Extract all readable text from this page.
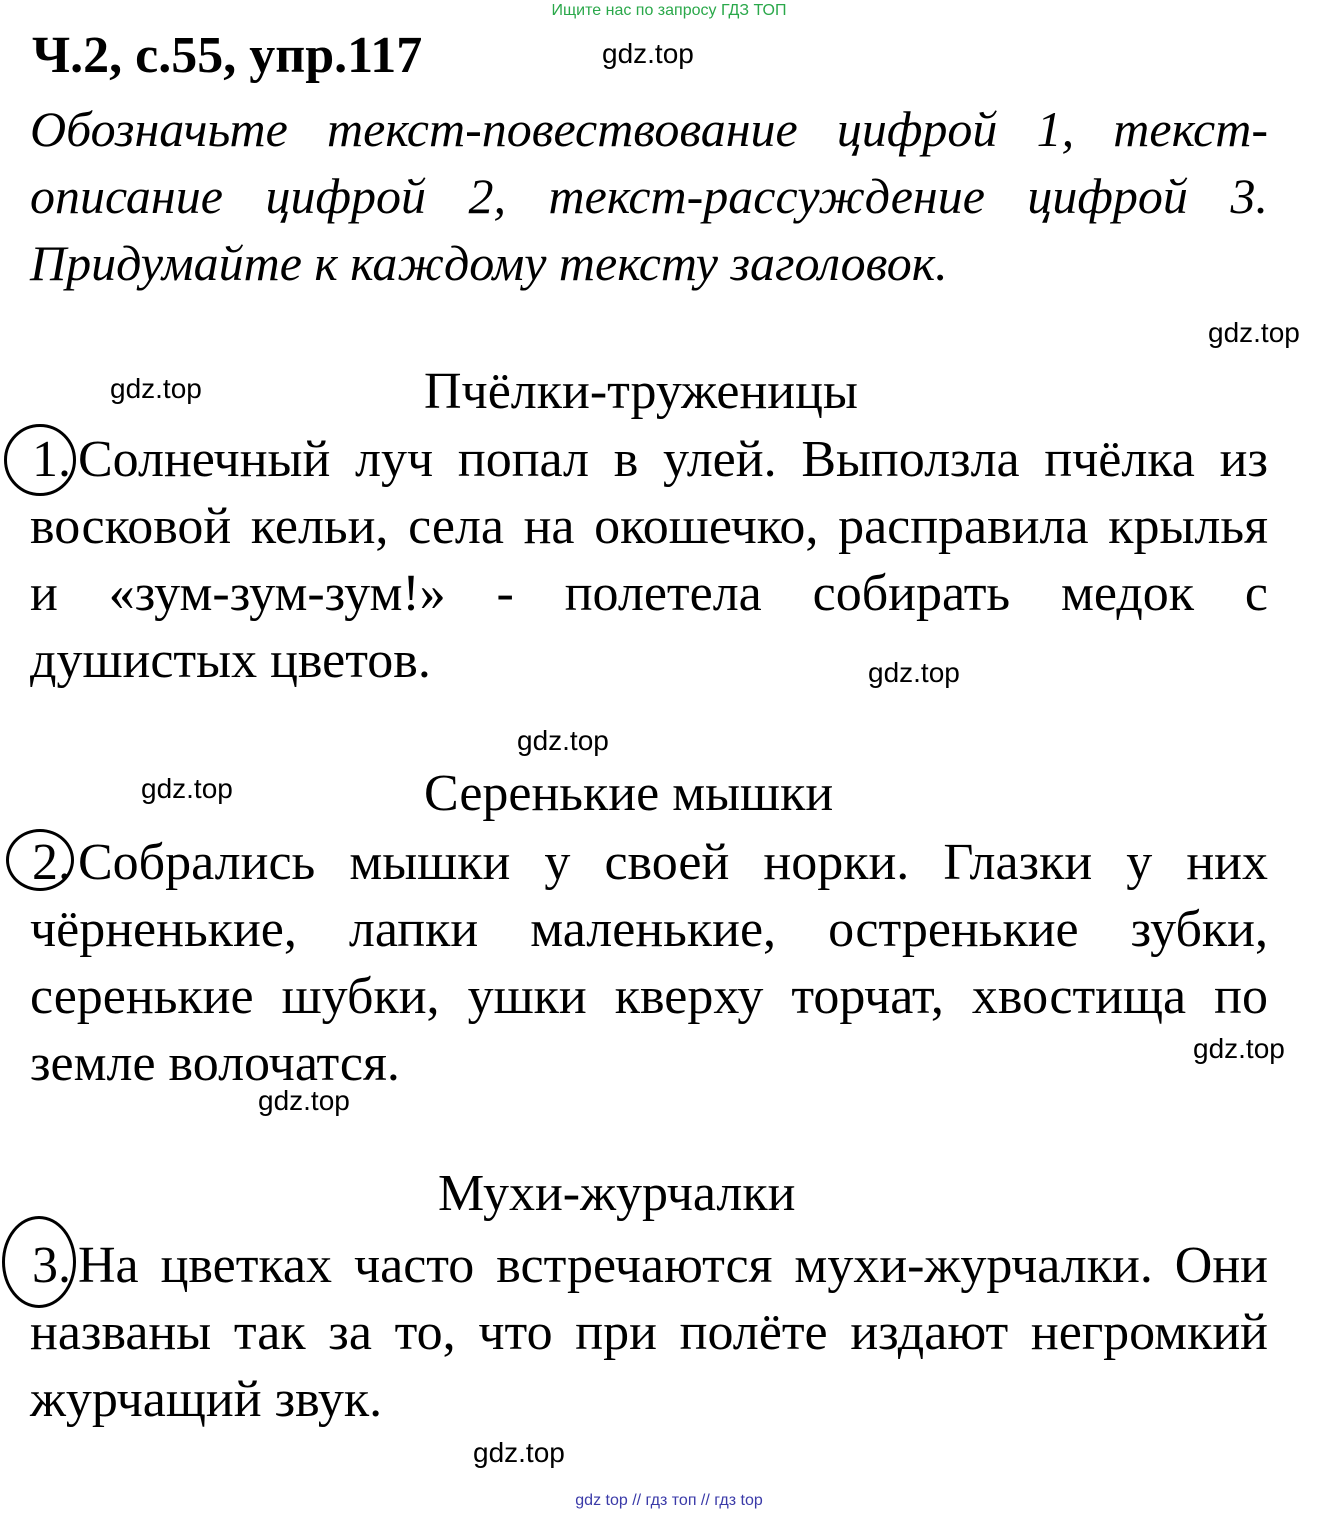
Ищите нас по запросу ГДЗ ТОП
Ч.2, с.55, упр.117	gdz.top
Обозначьте текст-повествование цифрой 1, текст-описание цифрой 2, текст-рассуждение цифрой 3. Придумайте к каждому тексту заголовок.
gdz.top
gdz.top	Пчёлки-труженицы
1. Солнечный луч попал в улей. Выползла пчёлка из восковой кельи, села на окошечко, расправила крылья и «зум-зум-зум!» - полетела собирать медок с душистых цветов.	gdz.top
gdz.top
gdz.top	Серенькие мышки
2. Собрались мышки у своей норки. Глазки у них чёрненькие, лапки маленькие, остренькие зубки, серенькие шубки, ушки кверху торчат, хвостища по земле волочатся.	gdz.top
gdz.top
Мухи-журчалки
3. На цветках часто встречаются мухи-журчалки. Они названы так за то, что при полёте издают негромкий журчащий звук.

gdz.top
gdz top // гдз топ // гдз top
